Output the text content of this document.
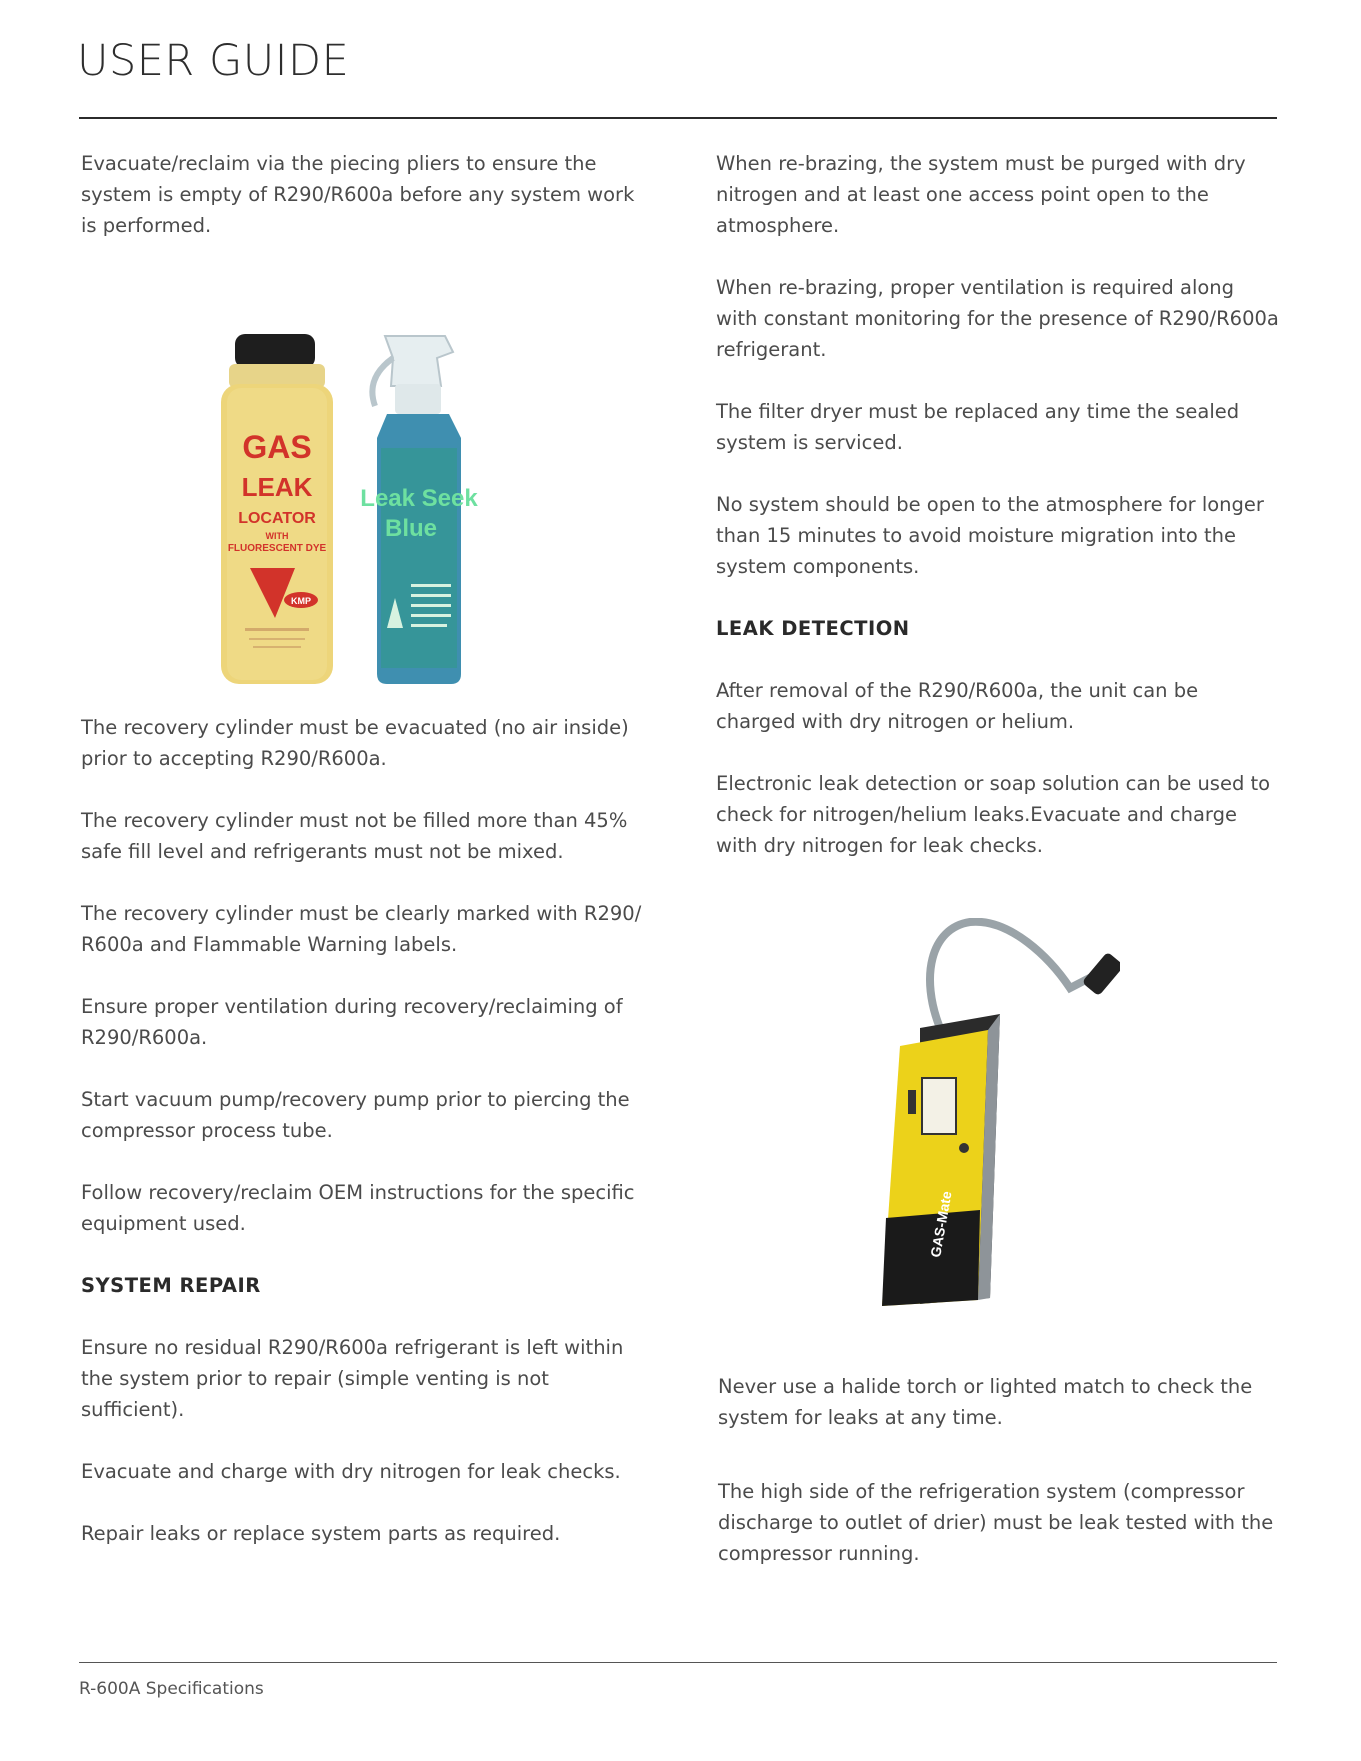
USER GUIDE

Evacuate/reclaim via the piecing pliers to ensure the system is empty of R290/R600a before any system work is performed.

GAS
LEAK
LOCATOR
WITH
FLUORESCENT DYE
KMP
Leak Seek
Blue

The recovery cylinder must be evacuated (no air inside) prior to accepting R290/R600a.

The recovery cylinder must not be filled more than 45% safe fill level and refrigerants must not be mixed.

The recovery cylinder must be clearly marked with R290/ R600a and Flammable Warning labels.

Ensure proper ventilation during recovery/reclaiming of R290/R600a.

Start vacuum pump/recovery pump prior to piercing the compressor process tube.

Follow recovery/reclaim OEM instructions for the specific equipment used.

SYSTEM REPAIR

Ensure no residual R290/R600a refrigerant is left within the system prior to repair (simple venting is not sufficient).

Evacuate and charge with dry nitrogen for leak checks.

Repair leaks or replace system parts as required.

When re-brazing, the system must be purged with dry nitrogen and at least one access point open to the atmosphere.

When re-brazing, proper ventilation is required along with constant monitoring for the presence of R290/R600a refrigerant.

The filter dryer must be replaced any time the sealed system is serviced.

No system should be open to the atmosphere for longer than 15 minutes to avoid moisture migration into the system components.

LEAK DETECTION

After removal of the R290/R600a, the unit can be charged with dry nitrogen or helium.

Electronic leak detection or soap solution can be used to check for nitrogen/helium leaks.Evacuate and charge with dry nitrogen for leak checks.

GAS-Mate

Never use a halide torch or lighted match to check the system for leaks at any time.

The high side of the refrigeration system (compressor discharge to outlet of drier) must be leak tested with the compressor running.

R-600A Specifications
